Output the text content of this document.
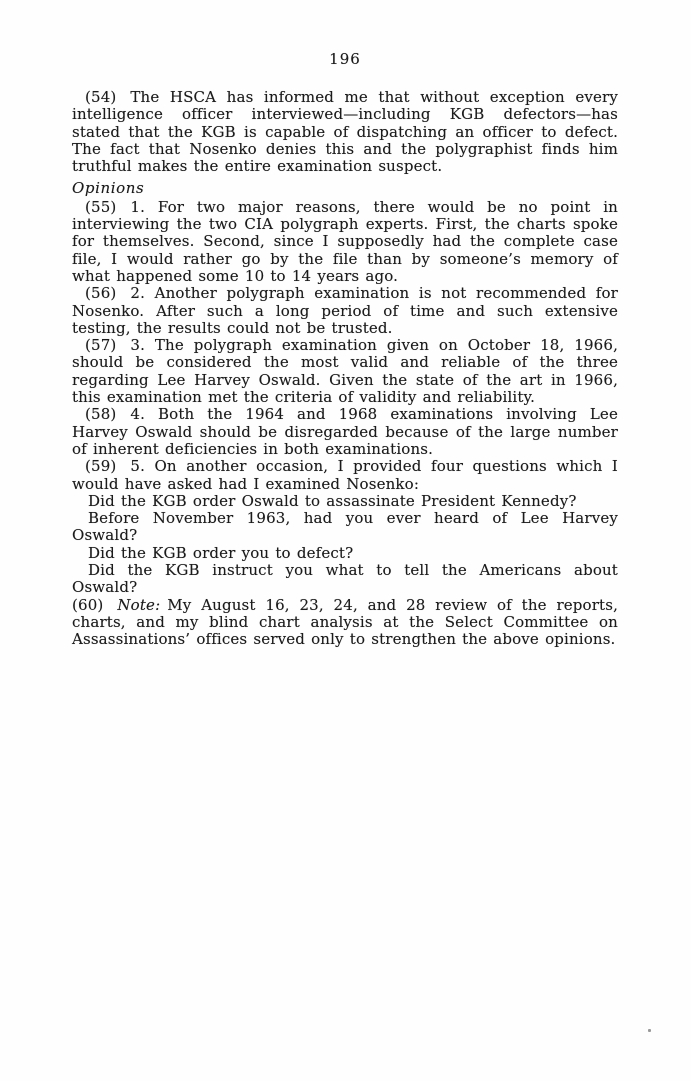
196

(54) The HSCA has informed me that without exception every intelligence officer interviewed—including KGB defectors—has stated that the KGB is capable of dispatching an officer to defect. The fact that Nosenko denies this and the polygraphist finds him truthful makes the entire examination suspect.

Opinions

(55) 1. For two major reasons, there would be no point in interviewing the two CIA polygraph experts. First, the charts spoke for themselves. Second, since I supposedly had the complete case file, I would rather go by the file than by someone’s memory of what happened some 10 to 14 years ago.

(56) 2. Another polygraph examination is not recommended for Nosenko. After such a long period of time and such extensive testing, the results could not be trusted.

(57) 3. The polygraph examination given on October 18, 1966, should be considered the most valid and reliable of the three regarding Lee Harvey Oswald. Given the state of the art in 1966, this examination met the criteria of validity and reliability.

(58) 4. Both the 1964 and 1968 examinations involving Lee Harvey Oswald should be disregarded because of the large number of inherent deficiencies in both examinations.

(59) 5. On another occasion, I provided four questions which I would have asked had I examined Nosenko:

Did the KGB order Oswald to assassinate President Kennedy?

Before November 1963, had you ever heard of Lee Harvey Oswald?

Did the KGB order you to defect?

Did the KGB instruct you what to tell the Americans about Oswald?

(60) Note: My August 16, 23, 24, and 28 review of the reports, charts, and my blind chart analysis at the Select Committee on Assassinations’ offices served only to strengthen the above opinions.
